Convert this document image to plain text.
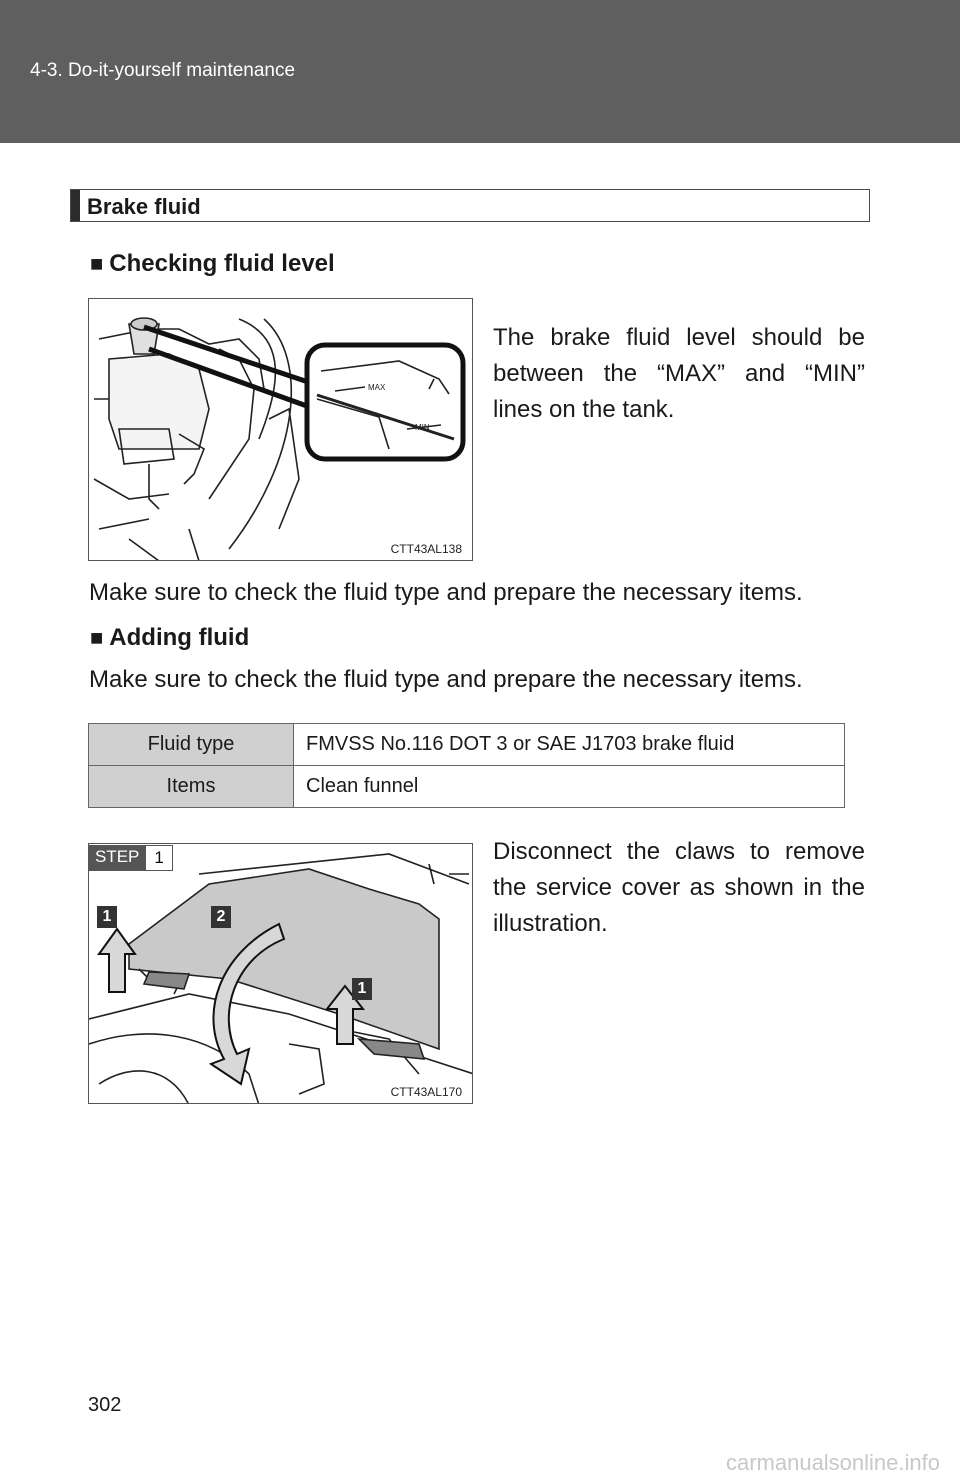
4-3. Do-it-yourself maintenance
Brake fluid
■ Checking fluid level
MAX
MIN
CTT43AL138
The brake fluid level should be between the “MAX” and “MIN” lines on the tank.
Make sure to check the fluid type and prepare the necessary items.
■ Adding fluid
Make sure to check the fluid type and prepare the necessary items.
Fluid type	FMVSS No.116 DOT 3 or SAE J1703 brake fluid
Items	Clean funnel
1	2
1
CTT43AL170
STEP 1	Disconnect the claws to remove the service cover as shown in the illustration.
302
carmanualsonline.info
